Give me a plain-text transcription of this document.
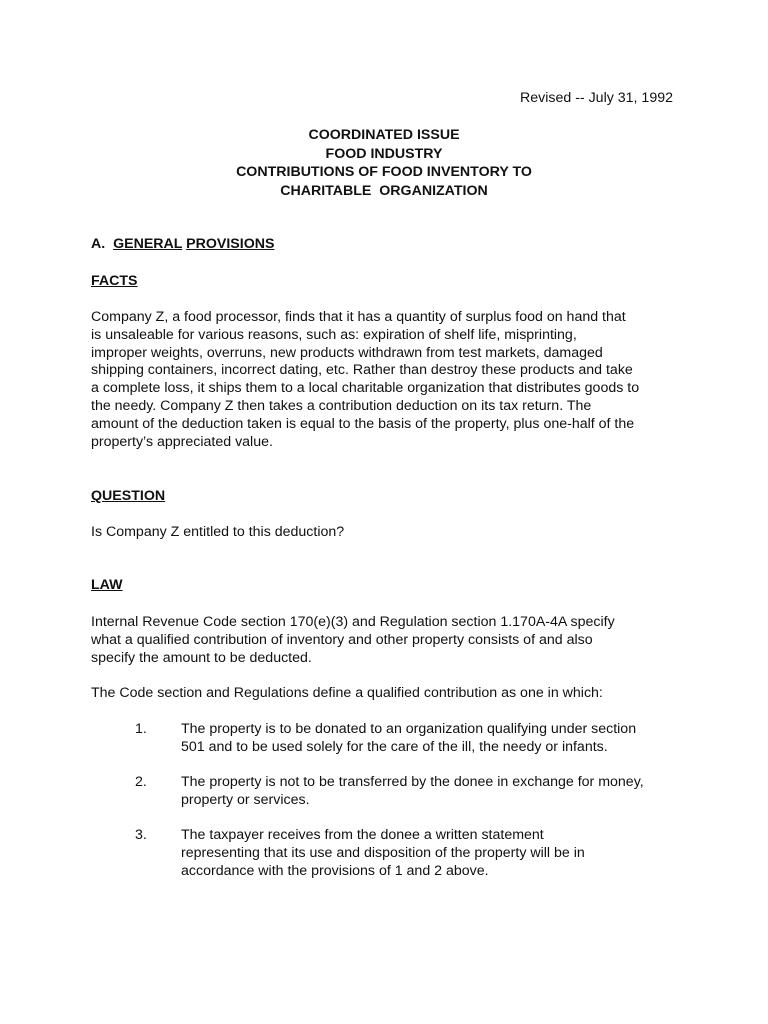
Revised -- July 31, 1992
COORDINATED ISSUE
FOOD INDUSTRY
CONTRIBUTIONS OF FOOD INVENTORY TO
CHARITABLE  ORGANIZATION
A. GENERAL PROVISIONS
FACTS
Company Z, a food processor, finds that it has a quantity of surplus food on hand that
is unsaleable for various reasons, such as: expiration of shelf life, misprinting,
improper weights, overruns, new products withdrawn from test markets, damaged
shipping containers, incorrect dating, etc. Rather than destroy these products and take
a complete loss, it ships them to a local charitable organization that distributes goods to
the needy. Company Z then takes a contribution deduction on its tax return. The
amount of the deduction taken is equal to the basis of the property, plus one-half of the
property’s appreciated value.
QUESTION
Is Company Z entitled to this deduction?
LAW
Internal Revenue Code section 170(e)(3) and Regulation section 1.170A-4A specify
what a qualified contribution of inventory and other property consists of and also
specify the amount to be deducted.
The Code section and Regulations define a qualified contribution as one in which:
1. The property is to be donated to an organization qualifying under section
501 and to be used solely for the care of the ill, the needy or infants.
2. The property is not to be transferred by the donee in exchange for money,
property or services.
3. The taxpayer receives from the donee a written statement
representing that its use and disposition of the property will be in
accordance with the provisions of 1 and 2 above.
